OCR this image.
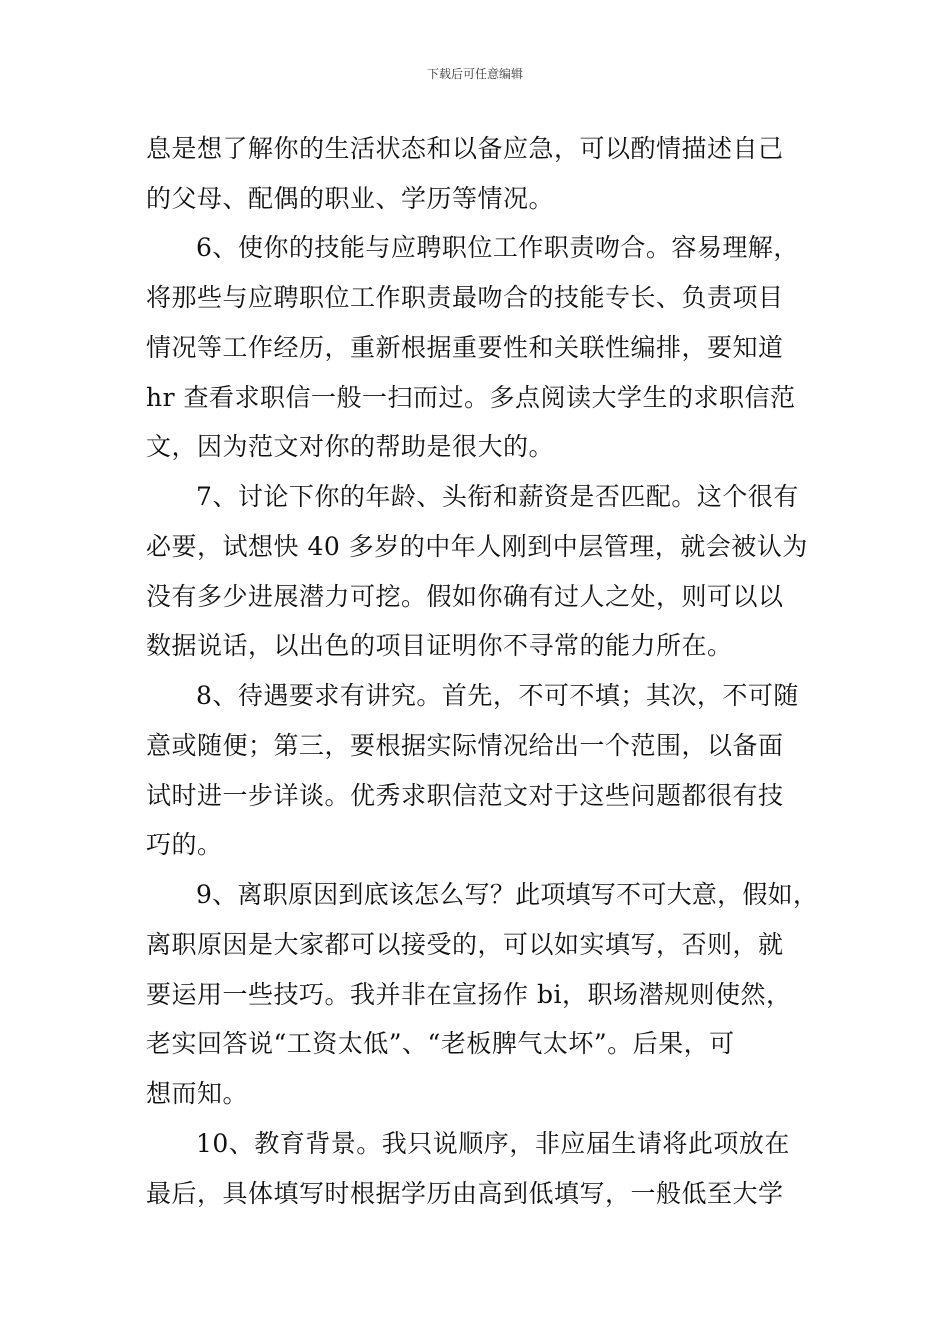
下载后可任意编辑
息是想了解你的生活状态和以备应急，可以酌情描述自己
的父母、配偶的职业、学历等情况。
6、使你的技能与应聘职位工作职责吻合。容易理解，
将那些与应聘职位工作职责最吻合的技能专长、负责项目
情况等工作经历，重新根据重要性和关联性编排，要知道
hr 查看求职信一般一扫而过。多点阅读大学生的求职信范
文，因为范文对你的帮助是很大的。
7、讨论下你的年龄、头衔和薪资是否匹配。这个很有
必要，试想快 40 多岁的中年人刚到中层管理，就会被认为
没有多少进展潜力可挖。假如你确有过人之处，则可以以
数据说话，以出色的项目证明你不寻常的能力所在。
8、待遇要求有讲究。首先，不可不填；其次，不可随
意或随便；第三，要根据实际情况给出一个范围，以备面
试时进一步详谈。优秀求职信范文对于这些问题都很有技
巧的。
9、离职原因到底该怎么写？此项填写不可大意，假如，
离职原因是大家都可以接受的，可以如实填写，否则，就
要运用一些技巧。我并非在宣扬作 bi，职场潜规则使然，
老实回答说“工资太低”、“老板脾气太坏”。后果，可
想而知。
10、教育背景。我只说顺序，非应届生请将此项放在
最后，具体填写时根据学历由高到低填写，一般低至大学
